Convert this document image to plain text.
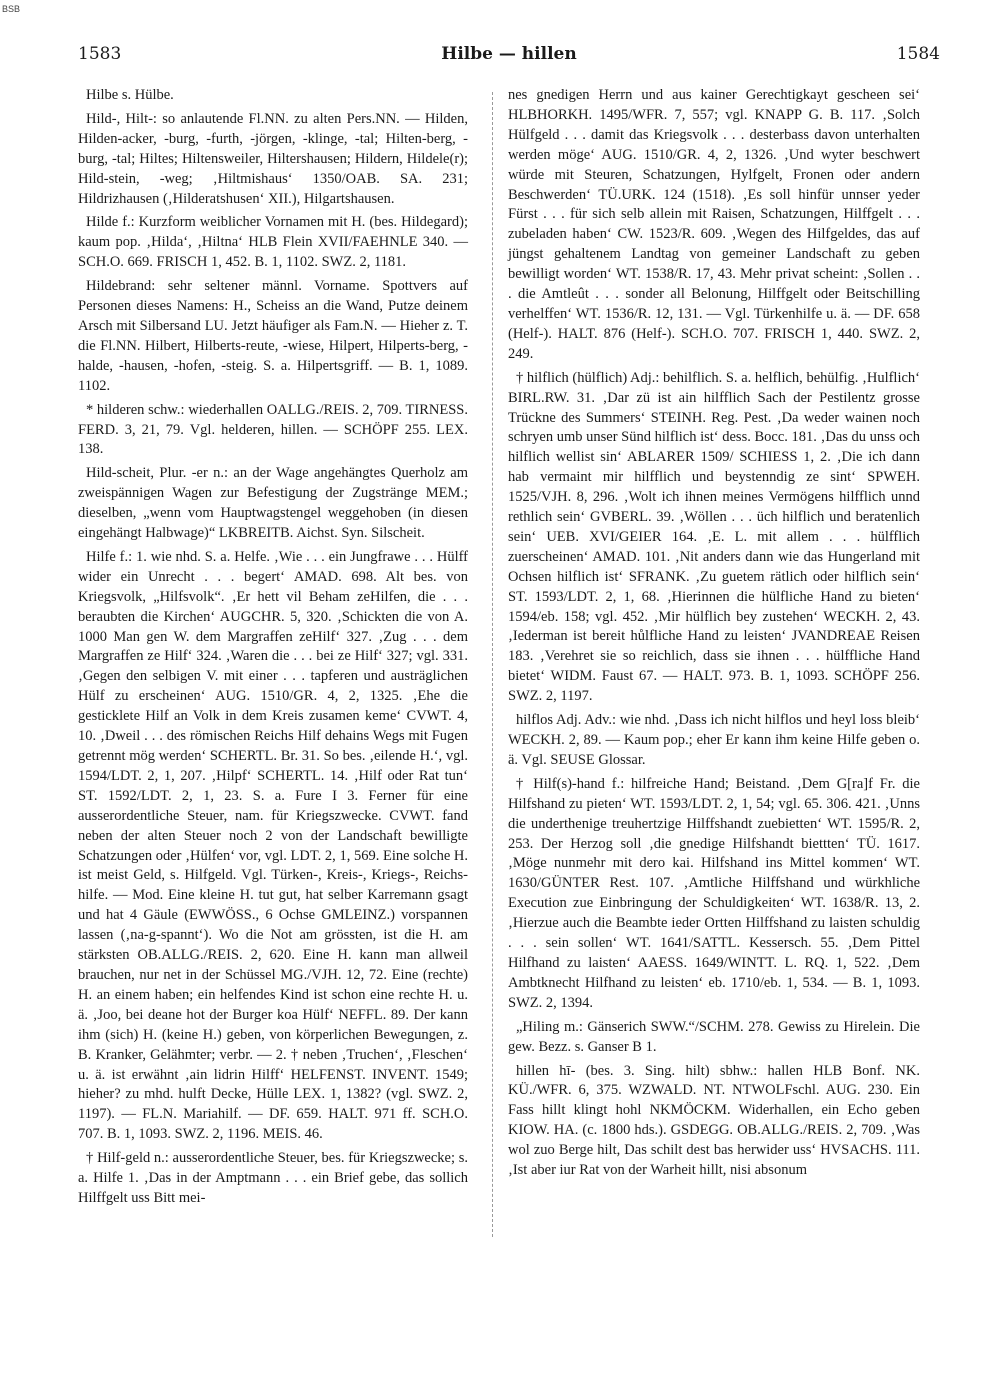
BSB
1583	Hilbe — hillen	1584

Hilbe s. Hülbe.

Hild-, Hilt-: so anlautende Fl.NN. zu alten Pers.NN. — Hilden, Hilden-acker, -burg, -furth, -jörgen, -klinge, -tal; Hilten-berg, -burg, -tal; Hiltes; Hiltensweiler, Hiltershausen; Hildern, Hildele(r); Hild-stein, -weg; ‚Hiltmishaus‘ 1350/OAB. SA. 231; Hildrizhausen (‚Hilderatshusen‘ XII.), Hilgartshausen.

Hilde f.: Kurzform weiblicher Vornamen mit H. (bes. Hildegard); kaum pop. ‚Hilda‘, ‚Hiltna‘ HLB Flein XVII/FAEHNLE 340. — SCH.O. 669. FRISCH 1, 452. B. 1, 1102. SWZ. 2, 1181.

Hildebrand: sehr seltener männl. Vorname. Spottvers auf Personen dieses Namens: H., Scheiss an die Wand, Putze deinem Arsch mit Silbersand LU. Jetzt häufiger als Fam.N. — Hieher z. T. die Fl.NN. Hilbert, Hilberts-reute, -wiese, Hilpert, Hilperts-berg, -halde, -hausen, -hofen, -steig. S. a. Hilpertsgriff. — B. 1, 1089. 1102.

* hilderen schw.: wiederhallen OALLG./REIS. 2, 709. TIRNESS. FERD. 3, 21, 79. Vgl. helderen, hillen. — SCHÖPF 255. LEX. 138.

Hild-scheit, Plur. -er n.: an der Wage angehängtes Querholz am zweispännigen Wagen zur Befestigung der Zugstränge MEM.; dieselben, „wenn vom Hauptwagstengel weggehoben (in diesen eingehängt Halbwage)“ LKBREITB. Aichst. Syn. Silscheit.

Hilfe f.: 1. wie nhd. S. a. Helfe. ‚Wie . . . ein Jungfrawe . . . Hülff wider ein Unrecht . . . begert‘ AMAD. 698. Alt bes. von Kriegsvolk, „Hilfsvolk“. ‚Er hett vil Beham zeHilfen, die . . . beraubten die Kirchen‘ AUGCHR. 5, 320. ‚Schickten die von A. 1000 Man gen W. dem Margraffen zeHilf‘ 327. ‚Zug . . . dem Margraffen ze Hilf‘ 324. ‚Waren die . . . bei ze Hilf‘ 327; vgl. 331. ‚Gegen den selbigen V. mit einer . . . tapferen und austräglichen Hülf zu erscheinen‘ AUG. 1510/GR. 4, 2, 1325. ‚Ehe die gesticklete Hilf an Volk in dem Kreis zusamen keme‘ CVWT. 4, 10. ‚Dweil . . . des römischen Reichs Hilf dehains Wegs mit Fugen getrennt mög werden‘ SCHERTL. Br. 31. So bes. ‚eilende H.‘, vgl. 1594/LDT. 2, 1, 207. ‚Hilpf‘ SCHERTL. 14. ‚Hilf oder Rat tun‘ ST. 1592/LDT. 2, 1, 23. S. a. Fure I 3. Ferner für eine ausserordentliche Steuer, nam. für Kriegszwecke. CVWT. fand neben der alten Steuer noch 2 von der Landschaft bewilligte Schatzungen oder ‚Hülfen‘ vor, vgl. LDT. 2, 1, 569. Eine solche H. ist meist Geld, s. Hilfgeld. Vgl. Türken-, Kreis-, Kriegs-, Reichs-hilfe. — Mod. Eine kleine H. tut gut, hat selber Karremann gsagt und hat 4 Gäule (EWWÖSS., 6 Ochse GMLEINZ.) vorspannen lassen (‚na-g-spannt‘). Wo die Not am grössten, ist die H. am stärksten OB.ALLG./REIS. 2, 620. Eine H. kann man allweil brauchen, nur net in der Schüssel MG./VJH. 12, 72. Eine (rechte) H. an einem haben; ein helfendes Kind ist schon eine rechte H. u. ä. ‚Joo, bei deane hot der Burger koa Hülf‘ NEFFL. 89. Der kann ihm (sich) H. (keine H.) geben, von körperlichen Bewegungen, z. B. Kranker, Gelähmter; verbr. — 2. † neben ‚Truchen‘, ‚Fleschen‘ u. ä. ist erwähnt ‚ain lidrin Hilff‘ HELFENST. INVENT. 1549; hieher? zu mhd. hulft Decke, Hülle LEX. 1, 1382? (vgl. SWZ. 2, 1197). — FL.N. Mariahilf. — DF. 659. HALT. 971 ff. SCH.O. 707. B. 1, 1093. SWZ. 2, 1196. MEIS. 46.

† Hilf-geld n.: ausserordentliche Steuer, bes. für Kriegszwecke; s. a. Hilfe 1. ‚Das in der Amptmann . . . ein Brief gebe, das sollich Hilffgelt uss Bitt mei-

nes gnedigen Herrn und aus kainer Gerechtigkayt gescheen sei‘ HLBHORKH. 1495/WFR. 7, 557; vgl. KNAPP G. B. 117. ‚Solch Hülfgeld . . . damit das Kriegsvolk . . . desterbass davon unterhalten werden möge‘ AUG. 1510/GR. 4, 2, 1326. ‚Und wyter beschwert würde mit Steuren, Schatzungen, Hylfgelt, Fronen oder andern Beschwerden‘ TÜ.URK. 124 (1518). ‚Es soll hinfür unnser yeder Fürst . . . für sich selb allein mit Raisen, Schatzungen, Hilffgelt . . . zubeladen haben‘ CW. 1523/R. 609. ‚Wegen des Hilfgeldes, das auf jüngst gehaltenem Landtag von gemeiner Landschaft zu geben bewilligt worden‘ WT. 1538/R. 17, 43. Mehr privat scheint: ‚Sollen . . . die Amtleût . . . sonder all Belonung, Hilffgelt oder Beitschilling verhelffen‘ WT. 1536/R. 12, 131. — Vgl. Türkenhilfe u. ä. — DF. 658 (Helf-). HALT. 876 (Helf-). SCH.O. 707. FRISCH 1, 440. SWZ. 2, 249.

† hilflich (hülflich) Adj.: behilflich. S. a. helflich, behülfig. ‚Hulflich‘ BIRL.RW. 31. ‚Dar zü ist ain hilfflich Sach der Pestilentz grosse Trückne des Summers‘ STEINH. Reg. Pest. ‚Da weder wainen noch schryen umb unser Sünd hilflich ist‘ dess. Bocc. 181. ‚Das du unss och hilflich wellist sin‘ ABLARER 1509/ SCHIESS 1, 2. ‚Die ich dann hab vermaint mir hilfflich und beystenndig ze sint‘ SPWEH. 1525/VJH. 8, 296. ‚Wolt ich ihnen meines Vermögens hilfflich unnd rethlich sein‘ GVBERL. 39. ‚Wöllen . . . üch hilflich und beratenlich sein‘ UEB. XVI/GEIER 164. ‚E. L. mit allem . . . hülfflich zuerscheinen‘ AMAD. 101. ‚Nit anders dann wie das Hungerland mit Ochsen hilflich ist‘ SFRANK. ‚Zu guetem rätlich oder hilflich sein‘ ST. 1593/LDT. 2, 1, 68. ‚Hierinnen die hülfliche Hand zu bieten‘ 1594/eb. 158; vgl. 452. ‚Mir hülflich bey zustehen‘ WECKH. 2, 43. ‚Iederman ist bereit hůlfliche Hand zu leisten‘ JVANDREAE Reisen 183. ‚Verehret sie so reichlich, dass sie ihnen . . . hülffliche Hand bietet‘ WIDM. Faust 67. — HALT. 973. B. 1, 1093. SCHÖPF 256. SWZ. 2, 1197.

hilflos Adj. Adv.: wie nhd. ‚Dass ich nicht hilflos und heyl loss bleib‘ WECKH. 2, 89. — Kaum pop.; eher Er kann ihm keine Hilfe geben o. ä. Vgl. SEUSE Glossar.

† Hilf(s)-hand f.: hilfreiche Hand; Beistand. ‚Dem G[ra]f Fr. die Hilfshand zu pieten‘ WT. 1593/LDT. 2, 1, 54; vgl. 65. 306. 421. ‚Unns die underthenige treuhertzige Hilffshandt zuebietten‘ WT. 1595/R. 2, 253. Der Herzog soll ‚die gnedige Hilfshandt biettten‘ TÜ. 1617. ‚Möge nunmehr mit dero kai. Hilfshand ins Mittel kommen‘ WT. 1630/GÜNTER Rest. 107. ‚Amtliche Hilffshand und würkhliche Execution zue Einbringung der Schuldigkeiten‘ WT. 1638/R. 13, 2. ‚Hierzue auch die Beambte ieder Ortten Hilffshand zu laisten schuldig . . . sein sollen‘ WT. 1641/SATTL. Kessersch. 55. ‚Dem Pittel Hilfhand zu laisten‘ AAESS. 1649/WINTT. L. RQ. 1, 522. ‚Dem Ambtknecht Hilfhand zu leisten‘ eb. 1710/eb. 1, 534. — B. 1, 1093. SWZ. 2, 1394.

„Hiling m.: Gänserich SWW.“/SCHM. 278. Gewiss zu Hirelein. Die gew. Bezz. s. Ganser B 1.

hillen hī- (bes. 3. Sing. hilt) sbhw.: hallen HLB Bonf. NK. KÜ./WFR. 6, 375. WZWALD. NT. NTWOLFschl. AUG. 230. Ein Fass hillt klingt hohl NKMÖCKM. Widerhallen, ein Echo geben KIOW. HA. (c. 1800 hds.). GSDEGG. OB.ALLG./REIS. 2, 709. ‚Was wol zuo Berge hilt, Das schilt dest bas herwider uss‘ HVSACHS. 111. ‚Ist aber iur Rat von der Warheit hillt, nisi absonum
